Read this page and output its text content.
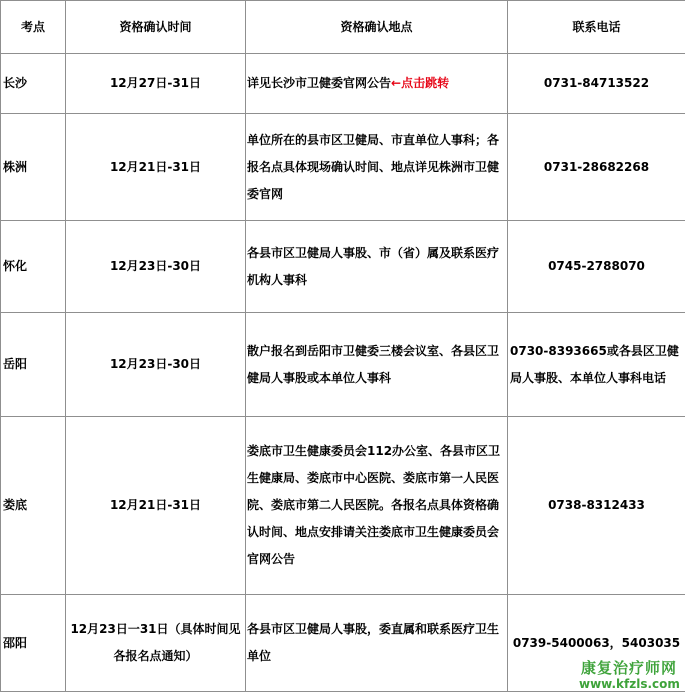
考点	资格确认时间	资格确认地点	联系电话
长沙	12月27日-31日	详见长沙市卫健委官网公告←点击跳转	0731-84713522
株洲	12月21日-31日	单位所在的县市区卫健局、市直单位人事科；各报名点具体现场确认时间、地点详见株洲市卫健委官网	0731-28682268
怀化	12月23日-30日	各县市区卫健局人事股、市（省）属及联系医疗机构人事科	0745-2788070
岳阳	12月23日-30日	散户报名到岳阳市卫健委三楼会议室、各县区卫健局人事股或本单位人事科	0730-8393665或各县区卫健局人事股、本单位人事科电话
娄底	12月21日-31日	娄底市卫生健康委员会112办公室、各县市区卫生健康局、娄底市中心医院、娄底市第一人民医院、娄底市第二人民医院。各报名点具体资格确认时间、地点安排请关注娄底市卫生健康委员会官网公告	0738-8312433
邵阳	12月23日一31日（具体时间见各报名点通知）	各县市区卫健局人事股，委直属和联系医疗卫生单位	0739-5400063，5403035
康复治疗师网
www.kfzls.com
